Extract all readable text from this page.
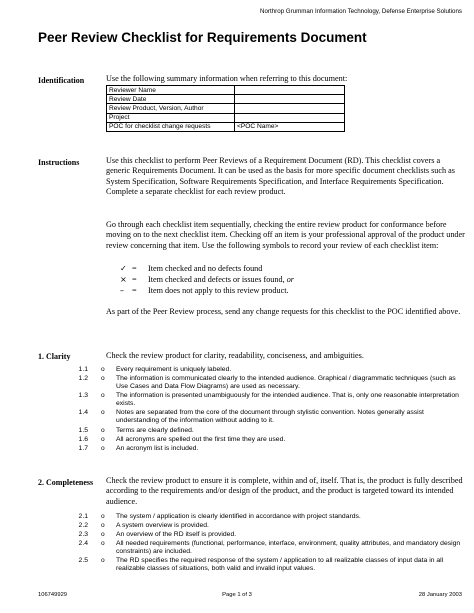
Northrop Grumman Information Technology, Defense Enterprise Solutions
Peer Review Checklist for Requirements Document
Identification	Use the following summary information when referring to this document:

Reviewer Name	
Review Date	
Review Product, Version, Author	
Project	
POC for checklist change requests	<POC Name>
Instructions	Use this checklist to perform Peer Reviews of a Requirement Document (RD). This checklist covers a generic Requirements Document. It can be used as the basis for more specific document checklists such as System Specification, Software Requirements Specification, and Interface Requirements Specification. Complete a separate checklist for each review product.

Go through each checklist item sequentially, checking the entire review product for conformance before moving on to the next checklist item. Checking off an item is your professional approval of the product under review concerning that item. Use the following symbols to record your review of each checklist item:

✓ = Item checked and no defects found
× = Item checked and defects or issues found, or
– = Item does not apply to this review product.

As part of the Peer Review process, send any change requests for this checklist to the POC identified above.

1. Clarity	Check the review product for clarity, readability, conciseness, and ambiguities.

1.1 o Every requirement is uniquely labeled.
1.2 o The information is communicated clearly to the intended audience. Graphical / diagrammatic techniques (such as Use Cases and Data Flow Diagrams) are used as necessary.
1.3 o The information is presented unambiguously for the intended audience. That is, only one reasonable interpretation exists.
1.4 o Notes are separated from the core of the document through stylistic convention. Notes generally assist understanding of the information without adding to it.
1.5 o Terms are clearly defined.
1.6 o All acronyms are spelled out the first time they are used.
1.7 o An acronym list is included.
2. Completeness Check the review product to ensure it is complete, within and of, itself. That is, the product is fully described according to the requirements and/or design of the product, and the product is targeted toward its intended audience.

2.1 o The system / application is clearly identified in accordance with project standards.
2.2 o A system overview is provided.
2.3 o An overview of the RD itself is provided.
2.4 o All needed requirements (functional, performance, interface, environment, quality attributes, and mandatory design constraints) are included.
2.5 o The RD specifies the required response of the system / application to all realizable classes of input data in all realizable classes of situations, both valid and invalid input values.
106749929	Page 1 of 3	28 January 2003
